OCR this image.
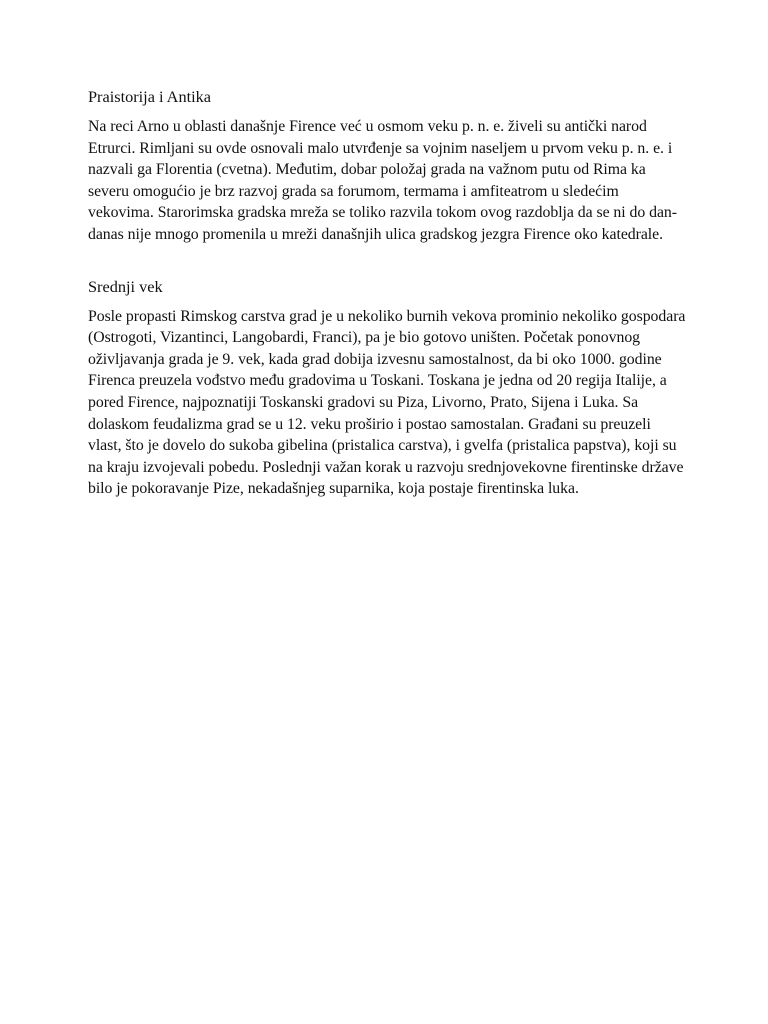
Praistorija i Antika

Na reci Arno u oblasti današnje Firence već u osmom veku p. n. e. živeli su antički narod Etrurci. Rimljani su ovde osnovali malo utvrđenje sa vojnim naseljem u prvom veku p. n. e. i nazvali ga Florentia (cvetna). Međutim, dobar položaj grada na važnom putu od Rima ka severu omogućio je brz razvoj grada sa forumom, termama i amfiteatrom u sledećim vekovima. Starorimska gradska mreža se toliko razvila tokom ovog razdoblja da se ni do dan-danas nije mnogo promenila u mreži današnjih ulica gradskog jezgra Firence oko katedrale.

Srednji vek

Posle propasti Rimskog carstva grad je u nekoliko burnih vekova prominio nekoliko gospodara (Ostrogoti, Vizantinci, Langobardi, Franci), pa je bio gotovo uništen. Početak ponovnog oživljavanja grada je 9. vek, kada grad dobija izvesnu samostalnost, da bi oko 1000. godine Firenca preuzela vođstvo među gradovima u Toskani. Toskana je jedna od 20 regija Italije, a pored Firence, najpoznatiji Toskanski gradovi su Piza, Livorno, Prato, Sijena i Luka. Sa dolaskom feudalizma grad se u 12. veku proširio i postao samostalan. Građani su preuzeli vlast, što je dovelo do sukoba gibelina (pristalica carstva), i gvelfa (pristalica papstva), koji su na kraju izvojevali pobedu. Poslednji važan korak u razvoju srednjovekovne firentinske države bilo je pokoravanje Pize, nekadašnjeg suparnika, koja postaje firentinska luka.
